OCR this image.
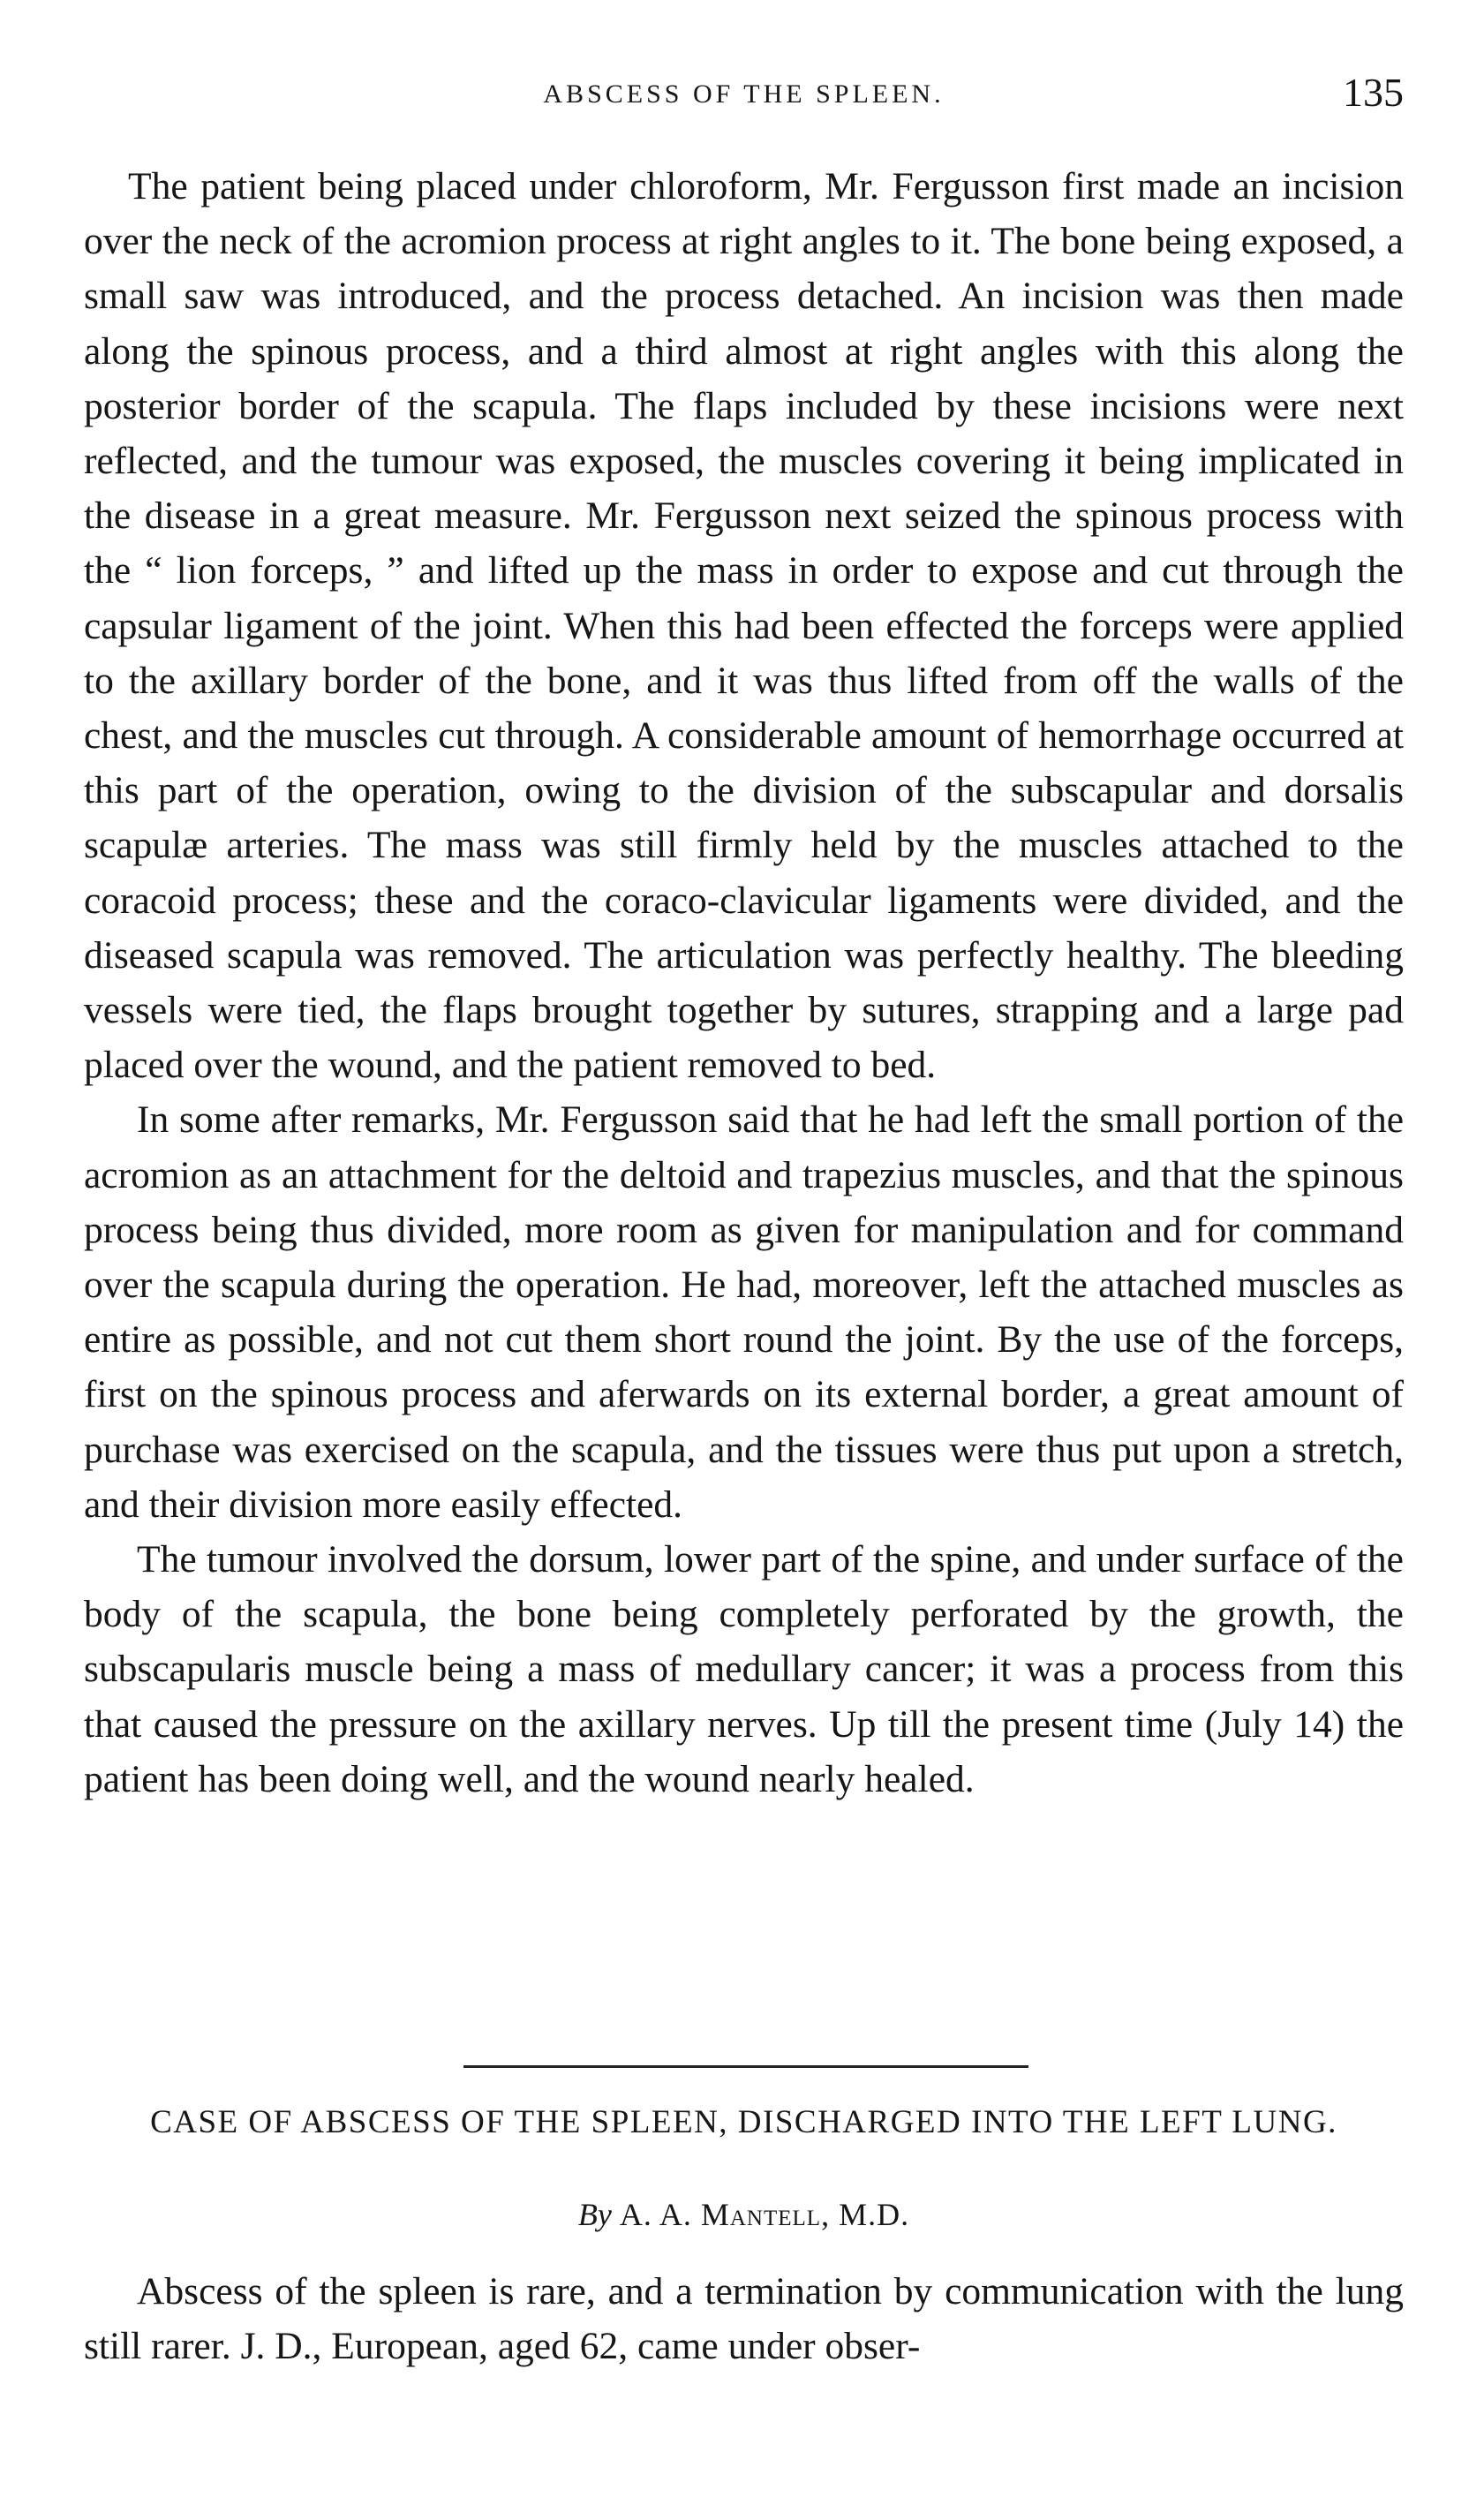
ABSCESS OF THE SPLEEN.	135

The patient being placed under chloroform, Mr. Fergusson first made an incision over the neck of the acromion process at right angles to it. The bone being exposed, a small saw was introduced, and the process detached. An incision was then made along the spinous process, and a third almost at right angles with this along the posterior border of the scapula. The flaps included by these incisions were next reflected, and the tumour was exposed, the muscles covering it being implicated in the disease in a great measure. Mr. Fergusson next seized the spinous process with the “ lion forceps, ” and lifted up the mass in order to expose and cut through the capsular ligament of the joint. When this had been effected the forceps were applied to the axillary border of the bone, and it was thus lifted from off the walls of the chest, and the muscles cut through. A considerable amount of hemorrhage occurred at this part of the operation, owing to the division of the subscapular and dorsalis scapulæ arteries. The mass was still firmly held by the muscles attached to the coracoid process; these and the coraco-clavicular ligaments were divided, and the diseased scapula was removed. The articulation was perfectly healthy. The bleeding vessels were tied, the flaps brought together by sutures, strapping and a large pad placed over the wound, and the patient removed to bed.

In some after remarks, Mr. Fergusson said that he had left the small portion of the acromion as an attachment for the deltoid and trapezius muscles, and that the spinous process being thus divided, more room as given for manipulation and for command over the scapula during the operation. He had, moreover, left the attached muscles as entire as possible, and not cut them short round the joint. By the use of the forceps, first on the spinous process and aferwards on its external border, a great amount of purchase was exercised on the scapula, and the tissues were thus put upon a stretch, and their division more easily effected.

The tumour involved the dorsum, lower part of the spine, and under surface of the body of the scapula, the bone being completely perforated by the growth, the subscapularis muscle being a mass of medullary cancer; it was a process from this that caused the pressure on the axillary nerves. Up till the present time (July 14) the patient has been doing well, and the wound nearly healed.

CASE OF ABSCESS OF THE SPLEEN, DISCHARGED INTO THE LEFT LUNG.
By A. A. Mantell, M.D.

Abscess of the spleen is rare, and a termination by communication with the lung still rarer. J. D., European, aged 62, came under obser-
